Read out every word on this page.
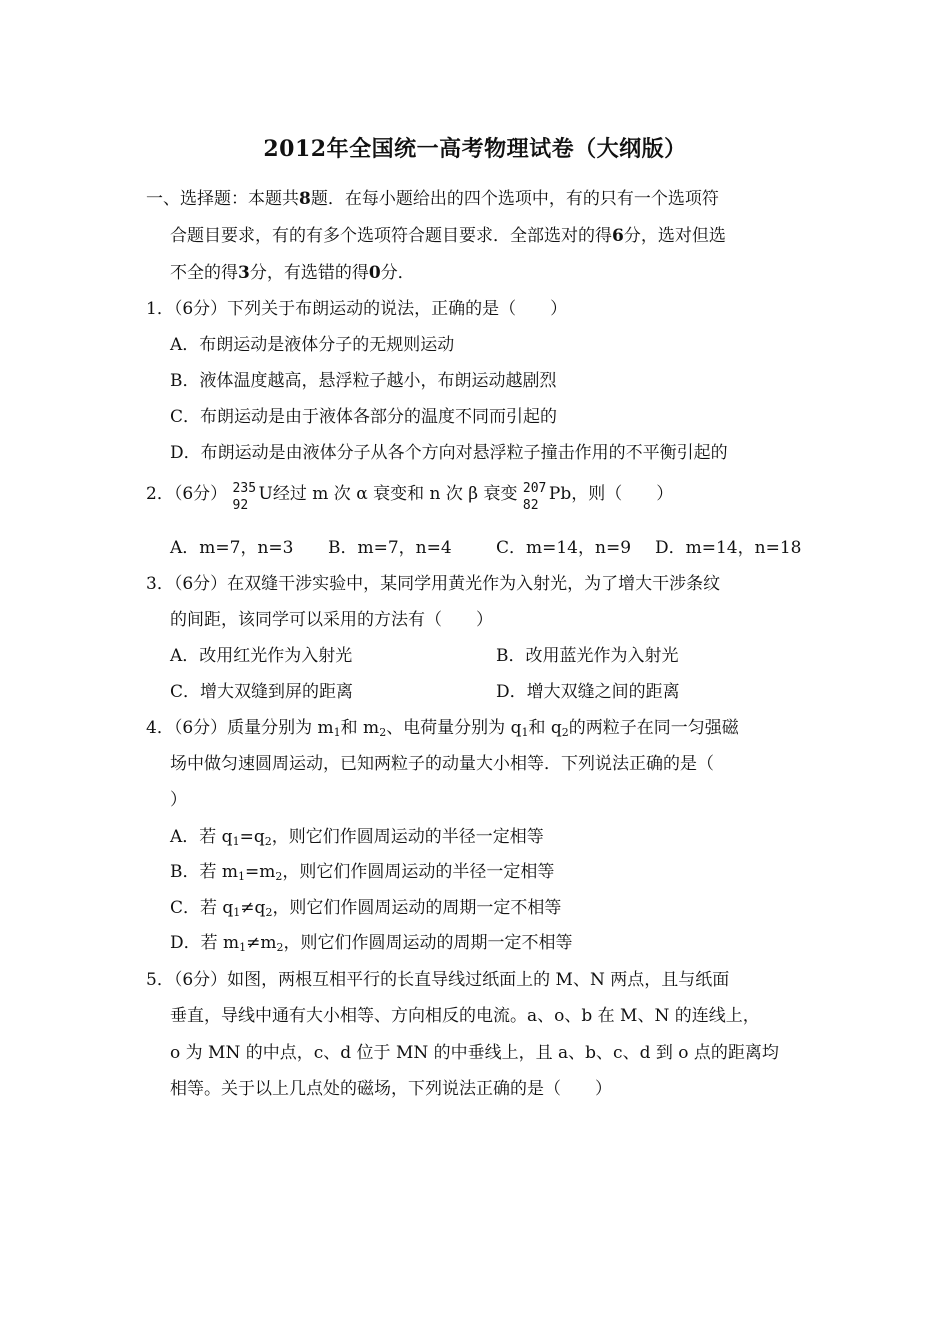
2012年全国统一高考物理试卷（大纲版）
一、选择题：本题共8题．在每小题给出的四个选项中，有的只有一个选项符
合题目要求，有的有多个选项符合题目要求．全部选对的得6分，选对但选
不全的得3分，有选错的得0分．
1．（6分）下列关于布朗运动的说法，正确的是（　　）
A．布朗运动是液体分子的无规则运动
B．液体温度越高，悬浮粒子越小，布朗运动越剧烈
C．布朗运动是由于液体各部分的温度不同而引起的
D．布朗运动是由液体分子从各个方向对悬浮粒子撞击作用的不平衡引起的
2．（6分） 235
92
U经过 m 次 α 衰变和 n 次 β 衰变 207
82
Pb，则（　　）
A．m=7，n=3 B．m=7，n=4	C．m=14，n=9 D．m=14，n=18
3．（6分）在双缝干涉实验中，某同学用黄光作为入射光，为了增大干涉条纹
的间距，该同学可以采用的方法有（　　）
A．改用红光作为入射光	B．改用蓝光作为入射光
C．增大双缝到屏的距离	D．增大双缝之间的距离
4．（6分）质量分别为 $m_1$和 $m_2$、电荷量分别为 $q_1$和 $q_2$的两粒子在同一匀强磁
场中做匀速圆周运动，已知两粒子的动量大小相等．下列说法正确的是（
）
A．若 $q_1=q_2$，则它们作圆周运动的半径一定相等
B．若 $m_1=m_2$，则它们作圆周运动的半径一定相等
C．若 $q_1\ne q_2$，则它们作圆周运动的周期一定不相等
D．若 $m_1\ne m_2$，则它们作圆周运动的周期一定不相等
5．（6分）如图，两根互相平行的长直导线过纸面上的 M、N 两点，且与纸面
垂直，导线中通有大小相等、方向相反的电流。a、o、b 在 M、N 的连线上，
o 为 MN 的中点，c、d 位于 MN 的中垂线上，且 a、b、c、d 到 o 点的距离均
相等。关于以上几点处的磁场，下列说法正确的是（　　）
